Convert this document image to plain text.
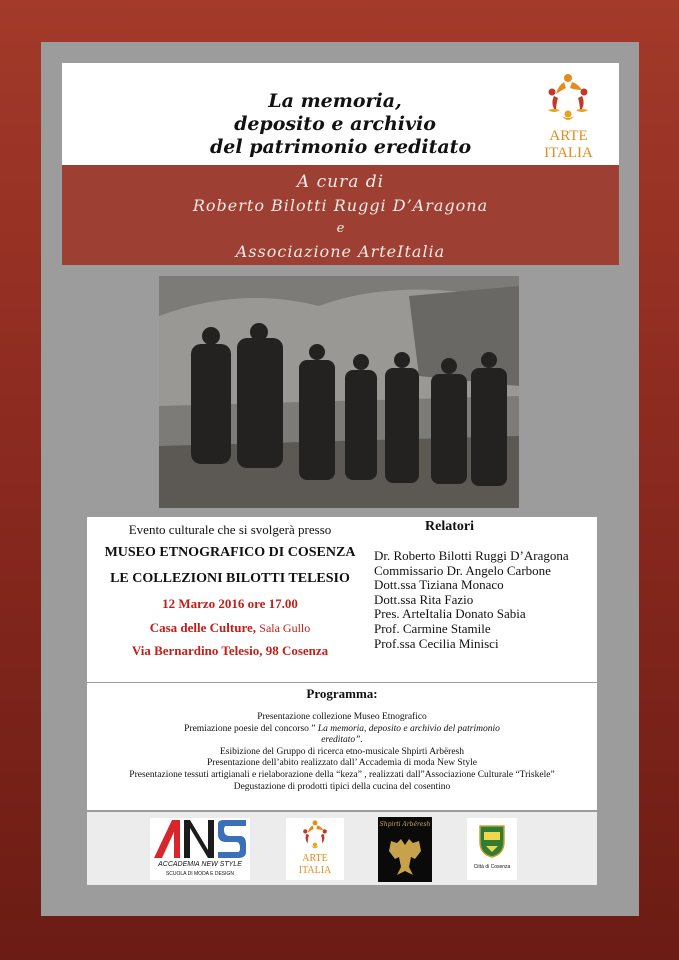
La memoria,
deposito e archivio
del patrimonio ereditato	ARTE
ITALIA
A cura di
Roberto Bilotti Ruggi D’Aragona
e
Associazione ArteItalia
Evento culturale che si svolgerà presso
MUSEO ETNOGRAFICO DI COSENZA
LE COLLEZIONI BILOTTI TELESIO
12 Marzo 2016 ore 17.00
Casa delle Culture, Sala Gullo
Via Bernardino Telesio, 98 Cosenza
Relatori
Dr. Roberto Bilotti Ruggi D’Aragona
Commissario Dr. Angelo Carbone
Dott.ssa Tiziana Monaco
Dott.ssa Rita Fazio
Pres. ArteItalia Donato Sabia
Prof. Carmine Stamile
Prof.ssa Cecilia Minisci
Programma:
Presentazione collezione Museo Etnografico
Premiazione poesie del concorso ” La memoria, deposito e archivio del patrimonio
ereditato”.
Esibizione del Gruppo di ricerca etno-musicale Shpirti Arbëresh
Presentazione dell’abito realizzato dall’ Accademia di moda New Style
Presentazione tessuti artigianali e rielaborazione della “keza” , realizzati dall”Associazione Culturale “Triskele”
Degustazione di prodotti tipici della cucina del cosentino
ACCADEMIA NEW STYLE
SCUOLA DI MODA E DESIGN
ARTE
ITALIA
Shpirti Arbëresh
Città di Cosenza
